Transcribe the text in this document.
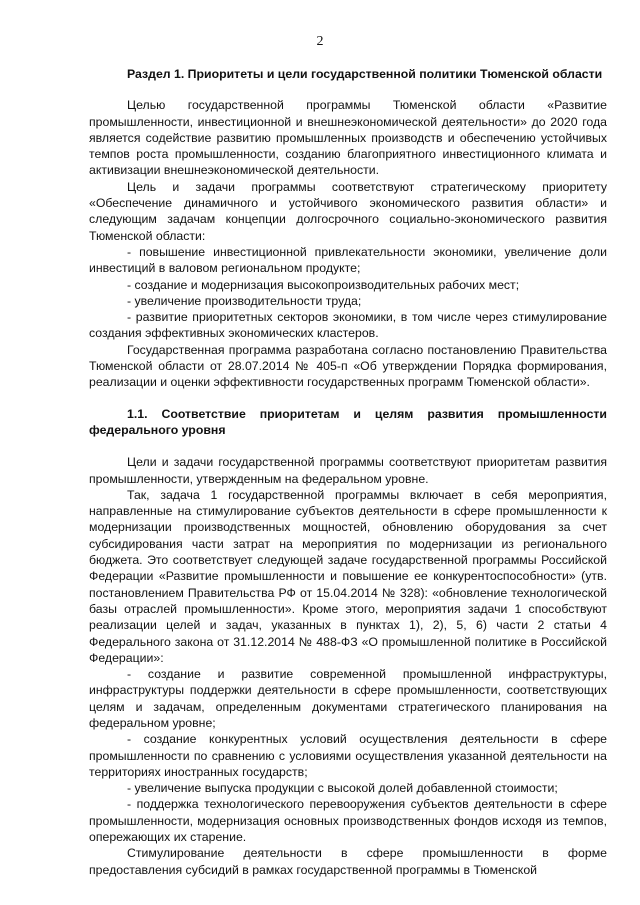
2

Раздел 1. Приоритеты и цели государственной политики Тюменской области

Целью государственной программы Тюменской области «Развитие промышленности, инвестиционной и внешнеэкономической деятельности» до 2020 года является содействие развитию промышленных производств и обеспечению устойчивых темпов роста промышленности, созданию благоприятного инвестиционного климата и активизации внешнеэкономической деятельности.

Цель и задачи программы соответствуют стратегическому приоритету «Обеспечение динамичного и устойчивого экономического развития области» и следующим задачам концепции долгосрочного социально-экономического развития Тюменской области:

- повышение инвестиционной привлекательности экономики, увеличение доли инвестиций в валовом региональном продукте;

- создание и модернизация высокопроизводительных рабочих мест;

- увеличение производительности труда;

- развитие приоритетных секторов экономики, в том числе через стимулирование создания эффективных экономических кластеров.

Государственная программа разработана согласно постановлению Правительства Тюменской области от 28.07.2014 № 405-п «Об утверждении Порядка формирования, реализации и оценки эффективности государственных программ Тюменской области».

1.1. Соответствие приоритетам и целям развития промышленности федерального уровня

Цели и задачи государственной программы соответствуют приоритетам развития промышленности, утвержденным на федеральном уровне.

Так, задача 1 государственной программы включает в себя мероприятия, направленные на стимулирование субъектов деятельности в сфере промышленности к модернизации производственных мощностей, обновлению оборудования за счет субсидирования части затрат на мероприятия по модернизации из регионального бюджета. Это соответствует следующей задаче государственной программы Российской Федерации «Развитие промышленности и повышение ее конкурентоспособности» (утв. постановлением Правительства РФ от 15.04.2014 № 328): «обновление технологической базы отраслей промышленности». Кроме этого, мероприятия задачи 1 способствуют реализации целей и задач, указанных в пунктах 1), 2), 5, 6) части 2 статьи 4 Федерального закона от 31.12.2014 № 488-ФЗ «О промышленной политике в Российской Федерации»:

- создание и развитие современной промышленной инфраструктуры, инфраструктуры поддержки деятельности в сфере промышленности, соответствующих целям и задачам, определенным документами стратегического планирования на федеральном уровне;

- создание конкурентных условий осуществления деятельности в сфере промышленности по сравнению с условиями осуществления указанной деятельности на территориях иностранных государств;

- увеличение выпуска продукции с высокой долей добавленной стоимости;

- поддержка технологического перевооружения субъектов деятельности в сфере промышленности, модернизация основных производственных фондов исходя из темпов, опережающих их старение.

Стимулирование деятельности в сфере промышленности в форме предоставления субсидий в рамках государственной программы в Тюменской
